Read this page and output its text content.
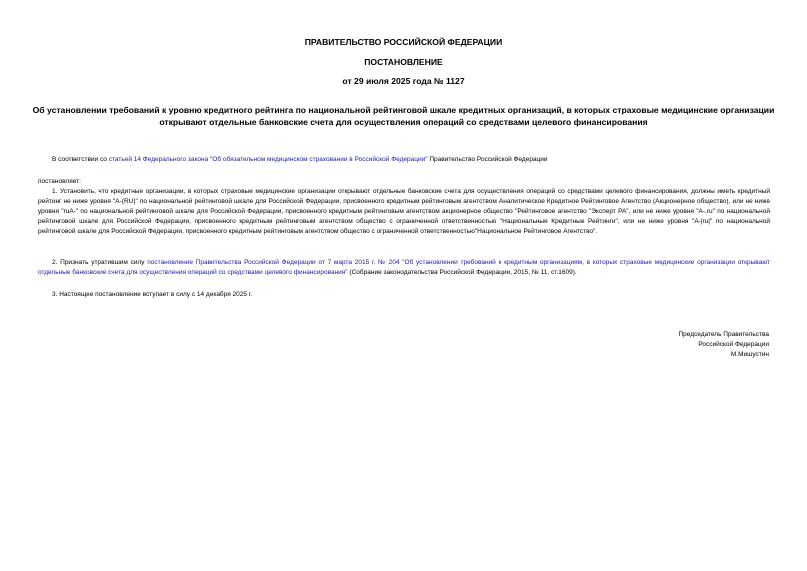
ПРАВИТЕЛЬСТВО РОССИЙСКОЙ ФЕДЕРАЦИИ
ПОСТАНОВЛЕНИЕ
от 29 июля 2025 года № 1127
Об установлении требований к уровню кредитного рейтинга по национальной рейтинговой шкале кредитных организаций, в которых страховые медицинские организации открывают отдельные банковские счета для осуществления операций со средствами целевого финансирования
В соответствии со статьей 14 Федерального закона "Об обязательном медицинском страховании в Российской Федерации" Правительство Российской Федерации
постановляет:
1. Установить, что кредитные организации, в которых страховые медицинские организации открывают отдельные банковские счета для осуществления операций со средствами целевого финансирования, должны иметь кредитный рейтинг не ниже уровня "A-(RU)" по национальной рейтинговой шкале для Российской Федерации, присвоенного кредитным рейтинговым агентством Аналитическое Кредитное Рейтинговое Агентство (Акционерное общество), или не ниже уровня "ruA-" по национальной рейтинговой шкале для Российской Федерации, присвоенного кредитным рейтинговым агентством акционерное общество "Рейтинговое агентство "Эксперт РА", или не ниже уровня "A-.ru" по национальной рейтинговой шкале для Российской Федерации, присвоенного кредитным рейтинговым агентством общество с ограниченной ответственностью "Национальные Кредитные Рейтинги", или не ниже уровня "A-|ru|" по национальной рейтинговой шкале для Российской Федерации, присвоенного кредитным рейтинговым агентством общество с ограниченной ответственностью"Национальное Рейтинговое Агентство".
2. Признать утратившим силу постановление Правительства Российской Федерации от 7 марта 2015 г. № 204 "Об установлении требований к кредитным организациям, в которых страховые медицинские организации открывают отдельные банковские счета для осуществления операций со средствами целевого финансирования" (Собрание законодательства Российской Федерации, 2015, № 11, ст.1609).
3. Настоящее постановление вступает в силу с 14 декабря 2025 г.
Председатель Правительства
Российской Федерации
М.Мишустин
